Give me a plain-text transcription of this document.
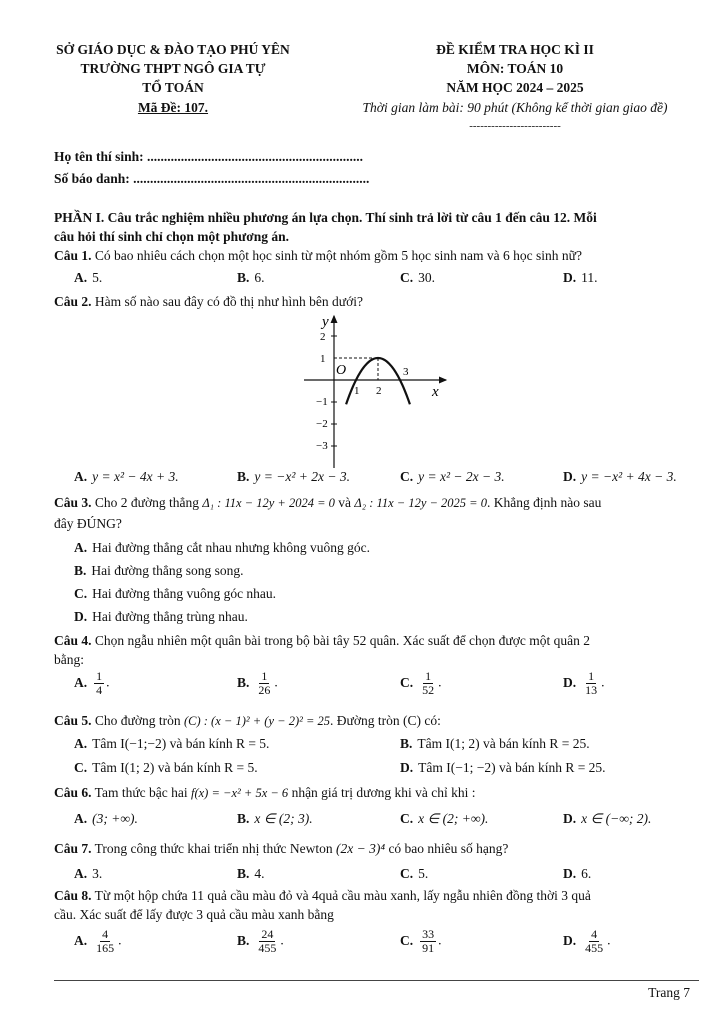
SỞ GIÁO DỤC & ĐÀO TẠO PHÚ YÊN
TRƯỜNG THPT NGÔ GIA TỰ
TỔ TOÁN
Mã Đề: 107.
ĐỀ KIỂM TRA HỌC KÌ II
MÔN: TOÁN 10
NĂM HỌC 2024 – 2025
Thời gian làm bài: 90 phút (Không kể thời gian giao đề)
-------------------------
Họ tên thí sinh: ................................................................
Số báo danh: ......................................................................
PHẦN I. Câu trắc nghiệm nhiều phương án lựa chọn. Thí sinh trả lời từ câu 1 đến câu 12. Mỗi
câu hỏi thí sinh chỉ chọn một phương án.
Câu 1. Có bao nhiêu cách chọn một học sinh từ một nhóm gồm 5 học sinh nam và 6 học sinh nữ?
A. 5.	B. 6.	C. 30.	D. 11.
Câu 2. Hàm số nào sau đây có đồ thị như hình bên dưới?
y
x
O
2
1
−1
−2
−3
1 2
3
A. y = x² − 4x + 3.	B. y = −x² + 2x − 3.	C. y = x² − 2x − 3.	D. y = −x² + 4x − 3.
Câu 3. Cho 2 đường thẳng Δ₁ : 11x − 12y + 2024 = 0 và Δ₂ : 11x − 12y − 2025 = 0. Khẳng định nào sau
đây ĐÚNG?
A. Hai đường thẳng cắt nhau nhưng không vuông góc.
B. Hai đường thẳng song song.
C. Hai đường thẳng vuông góc nhau.
D. Hai đường thẳng trùng nhau.
Câu 4. Chọn ngẫu nhiên một quân bài trong bộ bài tây 52 quân. Xác suất để chọn được một quân 2
bằng:
A. $\frac{1}{4}$ .	B. $\frac{1}{26}$ .	C. $\frac{1}{52}$ .	D. $\frac{1}{13}$ .
Câu 5. Cho đường tròn (C) : (x − 1)² + (y − 2)² = 25. Đường tròn (C) có:
A. Tâm I(−1;−2) và bán kính R = 5.	B. Tâm I(1; 2) và bán kính R = 25.
C. Tâm I(1; 2) và bán kính R = 5.	D. Tâm I(−1; −2) và bán kính R = 25.
Câu 6. Tam thức bậc hai f(x) = −x² + 5x − 6 nhận giá trị dương khi và chỉ khi :
A. (3; +∞).	B. x ∈ (2; 3).	C. x ∈ (2; +∞).	D. x ∈ (−∞; 2).
Câu 7. Trong công thức khai triển nhị thức Newton (2x − 3)⁴ có bao nhiêu số hạng?
A. 3.	B. 4.	C. 5.	D. 6.
Câu 8. Từ một hộp chứa 11 quả cầu màu đỏ và 4quả cầu màu xanh, lấy ngẫu nhiên đồng thời 3 quả
cầu. Xác suất để lấy được 3 quả cầu màu xanh bằng
A. $\frac{4}{165}$ .	B. $\frac{24}{455}$ .	C. $\frac{33}{91}$ .	D. $\frac{4}{455}$ .
Trang 7
